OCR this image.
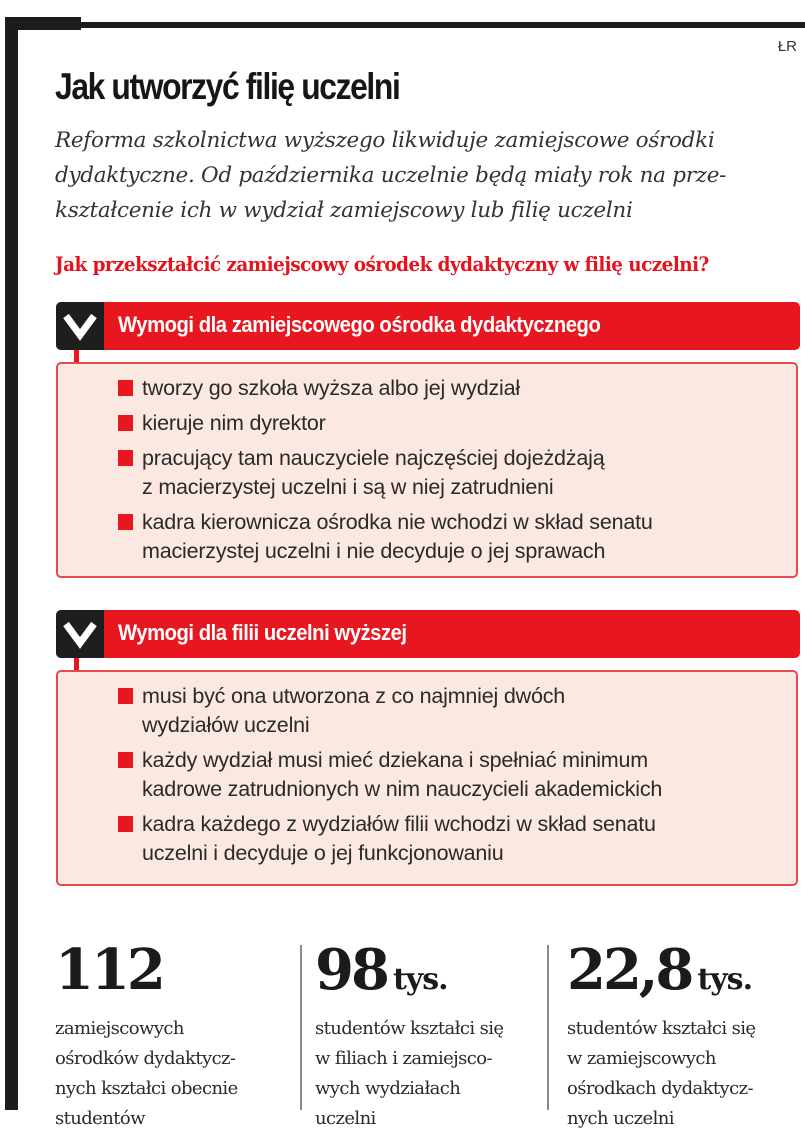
ŁR
Jak utworzyć filię uczelni
Reforma szkolnictwa wyższego likwiduje zamiejscowe ośrodki
dydaktyczne. Od października uczelnie będą miały rok na prze-
kształcenie ich w wydział zamiejscowy lub filię uczelni
Jak przekształcić zamiejscowy ośrodek dydaktyczny w filię uczelni?
Wymogi dla zamiejscowego ośrodka dydaktycznego
tworzy go szkoła wyższa albo jej wydział
kieruje nim dyrektor
pracujący tam nauczyciele najczęściej dojeżdżają
z macierzystej uczelni i są w niej zatrudnieni
kadra kierownicza ośrodka nie wchodzi w skład senatu
macierzystej uczelni i nie decyduje o jej sprawach
Wymogi dla filii uczelni wyższej
musi być ona utworzona z co najmniej dwóch
wydziałów uczelni
każdy wydział musi mieć dziekana i spełniać minimum
kadrowe zatrudnionych w nim nauczycieli akademickich
kadra każdego z wydziałów filii wchodzi w skład senatu
uczelni i decyduje o jej funkcjonowaniu
112
zamiejscowych
ośrodków dydaktycz-
nych kształci obecnie
studentów
98 tys.
studentów kształci się
w filiach i zamiejsco-
wych wydziałach
uczelni
22,8 tys.
studentów kształci się
w zamiejscowych
ośrodkach dydaktycz-
nych uczelni
